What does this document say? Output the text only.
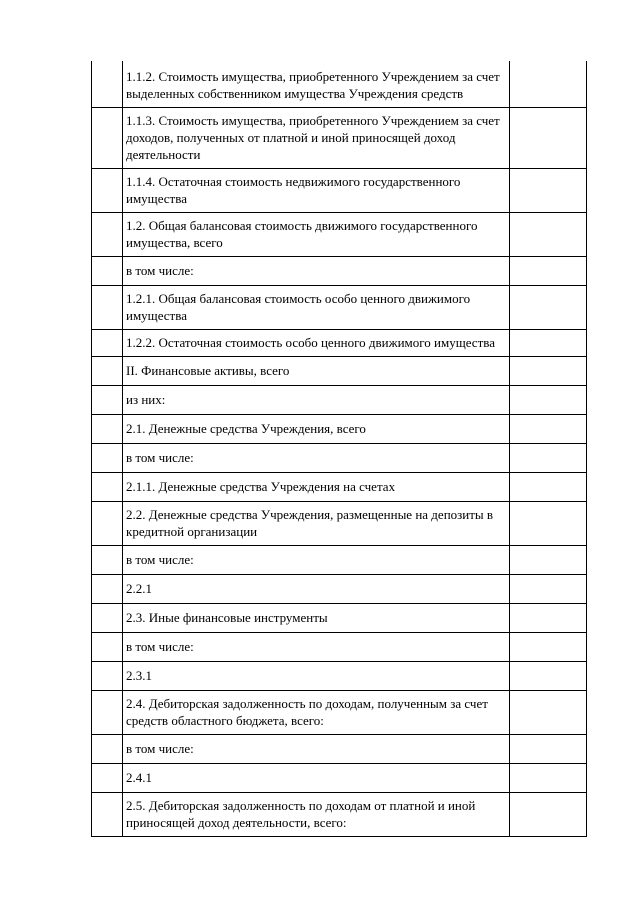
	1.1.2. Стоимость имущества, приобретенного Учреждением за счет выделенных собственником имущества Учреждения средств	
	1.1.3. Стоимость имущества, приобретенного Учреждением за счет доходов, полученных от платной и иной приносящей доход деятельности	
	1.1.4. Остаточная стоимость недвижимого государственного имущества	
	1.2. Общая балансовая стоимость движимого государственного имущества, всего	
	в том числе:	
	1.2.1. Общая балансовая стоимость особо ценного движимого имущества	
	1.2.2. Остаточная стоимость особо ценного движимого имущества	
	II. Финансовые активы, всего	
	из них:	
	2.1. Денежные средства Учреждения, всего	
	в том числе:	
	2.1.1. Денежные средства Учреждения на счетах	
	2.2. Денежные средства Учреждения, размещенные на депозиты в кредитной организации	
	в том числе:	
	2.2.1	
	2.3. Иные финансовые инструменты	
	в том числе:	
	2.3.1	
	2.4. Дебиторская задолженность по доходам, полученным за счет средств областного бюджета, всего:	
	в том числе:	
	2.4.1	
	2.5. Дебиторская задолженность по доходам от платной и иной приносящей доход деятельности, всего:	
